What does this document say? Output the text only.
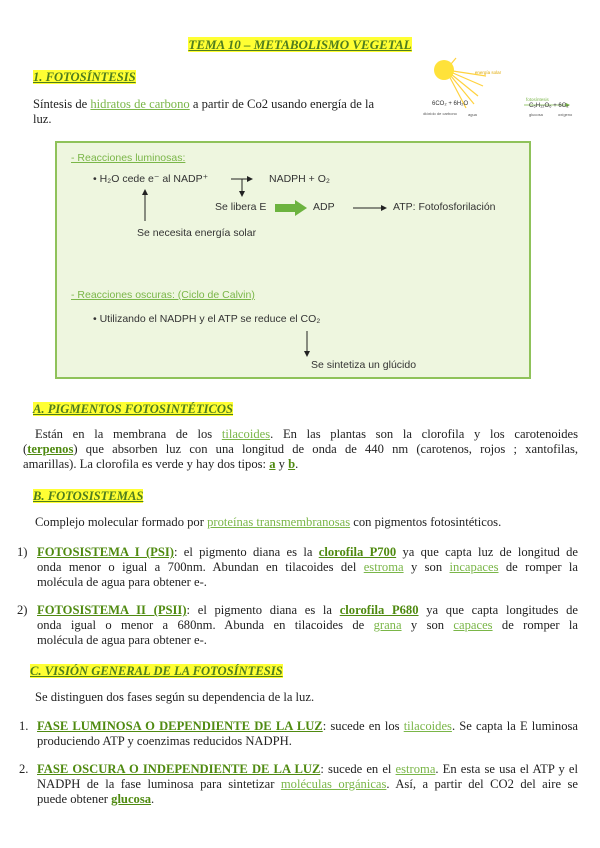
TEMA 10 – METABOLISMO VEGETAL
1. FOTOSÍNTESIS
Síntesis de hidratos de carbono a partir de Co2 usando energía de la
luz.
energía solar
6CO₂ + 6H₂O
fotosíntesis
C₆H₁₂O₆ + 6O₂
dióxido de carbono	agua	glucosa	oxígeno
- Reacciones luminosas:
• H₂O cede e⁻ al NADP⁺	NADPH + O₂
Se libera E	ADP	ATP: Fotofosforilación
Se necesita energía solar
- Reacciones oscuras: (Ciclo de Calvin)
• Utilizando el NADPH y el ATP se reduce el CO₂
Se sintetiza un glúcido
A. PIGMENTOS FOTOSINTÉTICOS
Están en la membrana de los tilacoides. En las plantas son la clorofila y los carotenoides
(terpenos) que absorben luz con una longitud de onda de 440 nm (carotenos, rojos ; xantofilas,
amarillas). La clorofila es verde y hay dos tipos: a y b.
B. FOTOSISTEMAS
Complejo molecular formado por proteínas transmembranosas con pigmentos fotosintéticos.
1) FOTOSISTEMA I (PSI): el pigmento diana es la clorofila P700 ya que capta luz de longitud de
onda menor o igual a 700nm. Abundan en tilacoides del estroma y son incapaces de romper la
molécula de agua para obtener e-.
2) FOTOSISTEMA II (PSII): el pigmento diana es la clorofila P680 ya que capta longitudes de
onda igual o menor a 680nm. Abunda en tilacoides de grana y son capaces de romper la
molécula de agua para obtener e-.
C. VISIÓN GENERAL DE LA FOTOSÍNTESIS
Se distinguen dos fases según su dependencia de la luz.
1. FASE LUMINOSA O DEPENDIENTE DE LA LUZ: sucede en los tilacoides. Se capta la E luminosa
produciendo ATP y coenzimas reducidos NADPH.
2. FASE OSCURA O INDEPENDIENTE DE LA LUZ: sucede en el estroma. En esta se usa el ATP y el
NADPH de la fase luminosa para sintetizar moléculas orgánicas. Así, a partir del CO2 del aire se
puede obtener glucosa.
